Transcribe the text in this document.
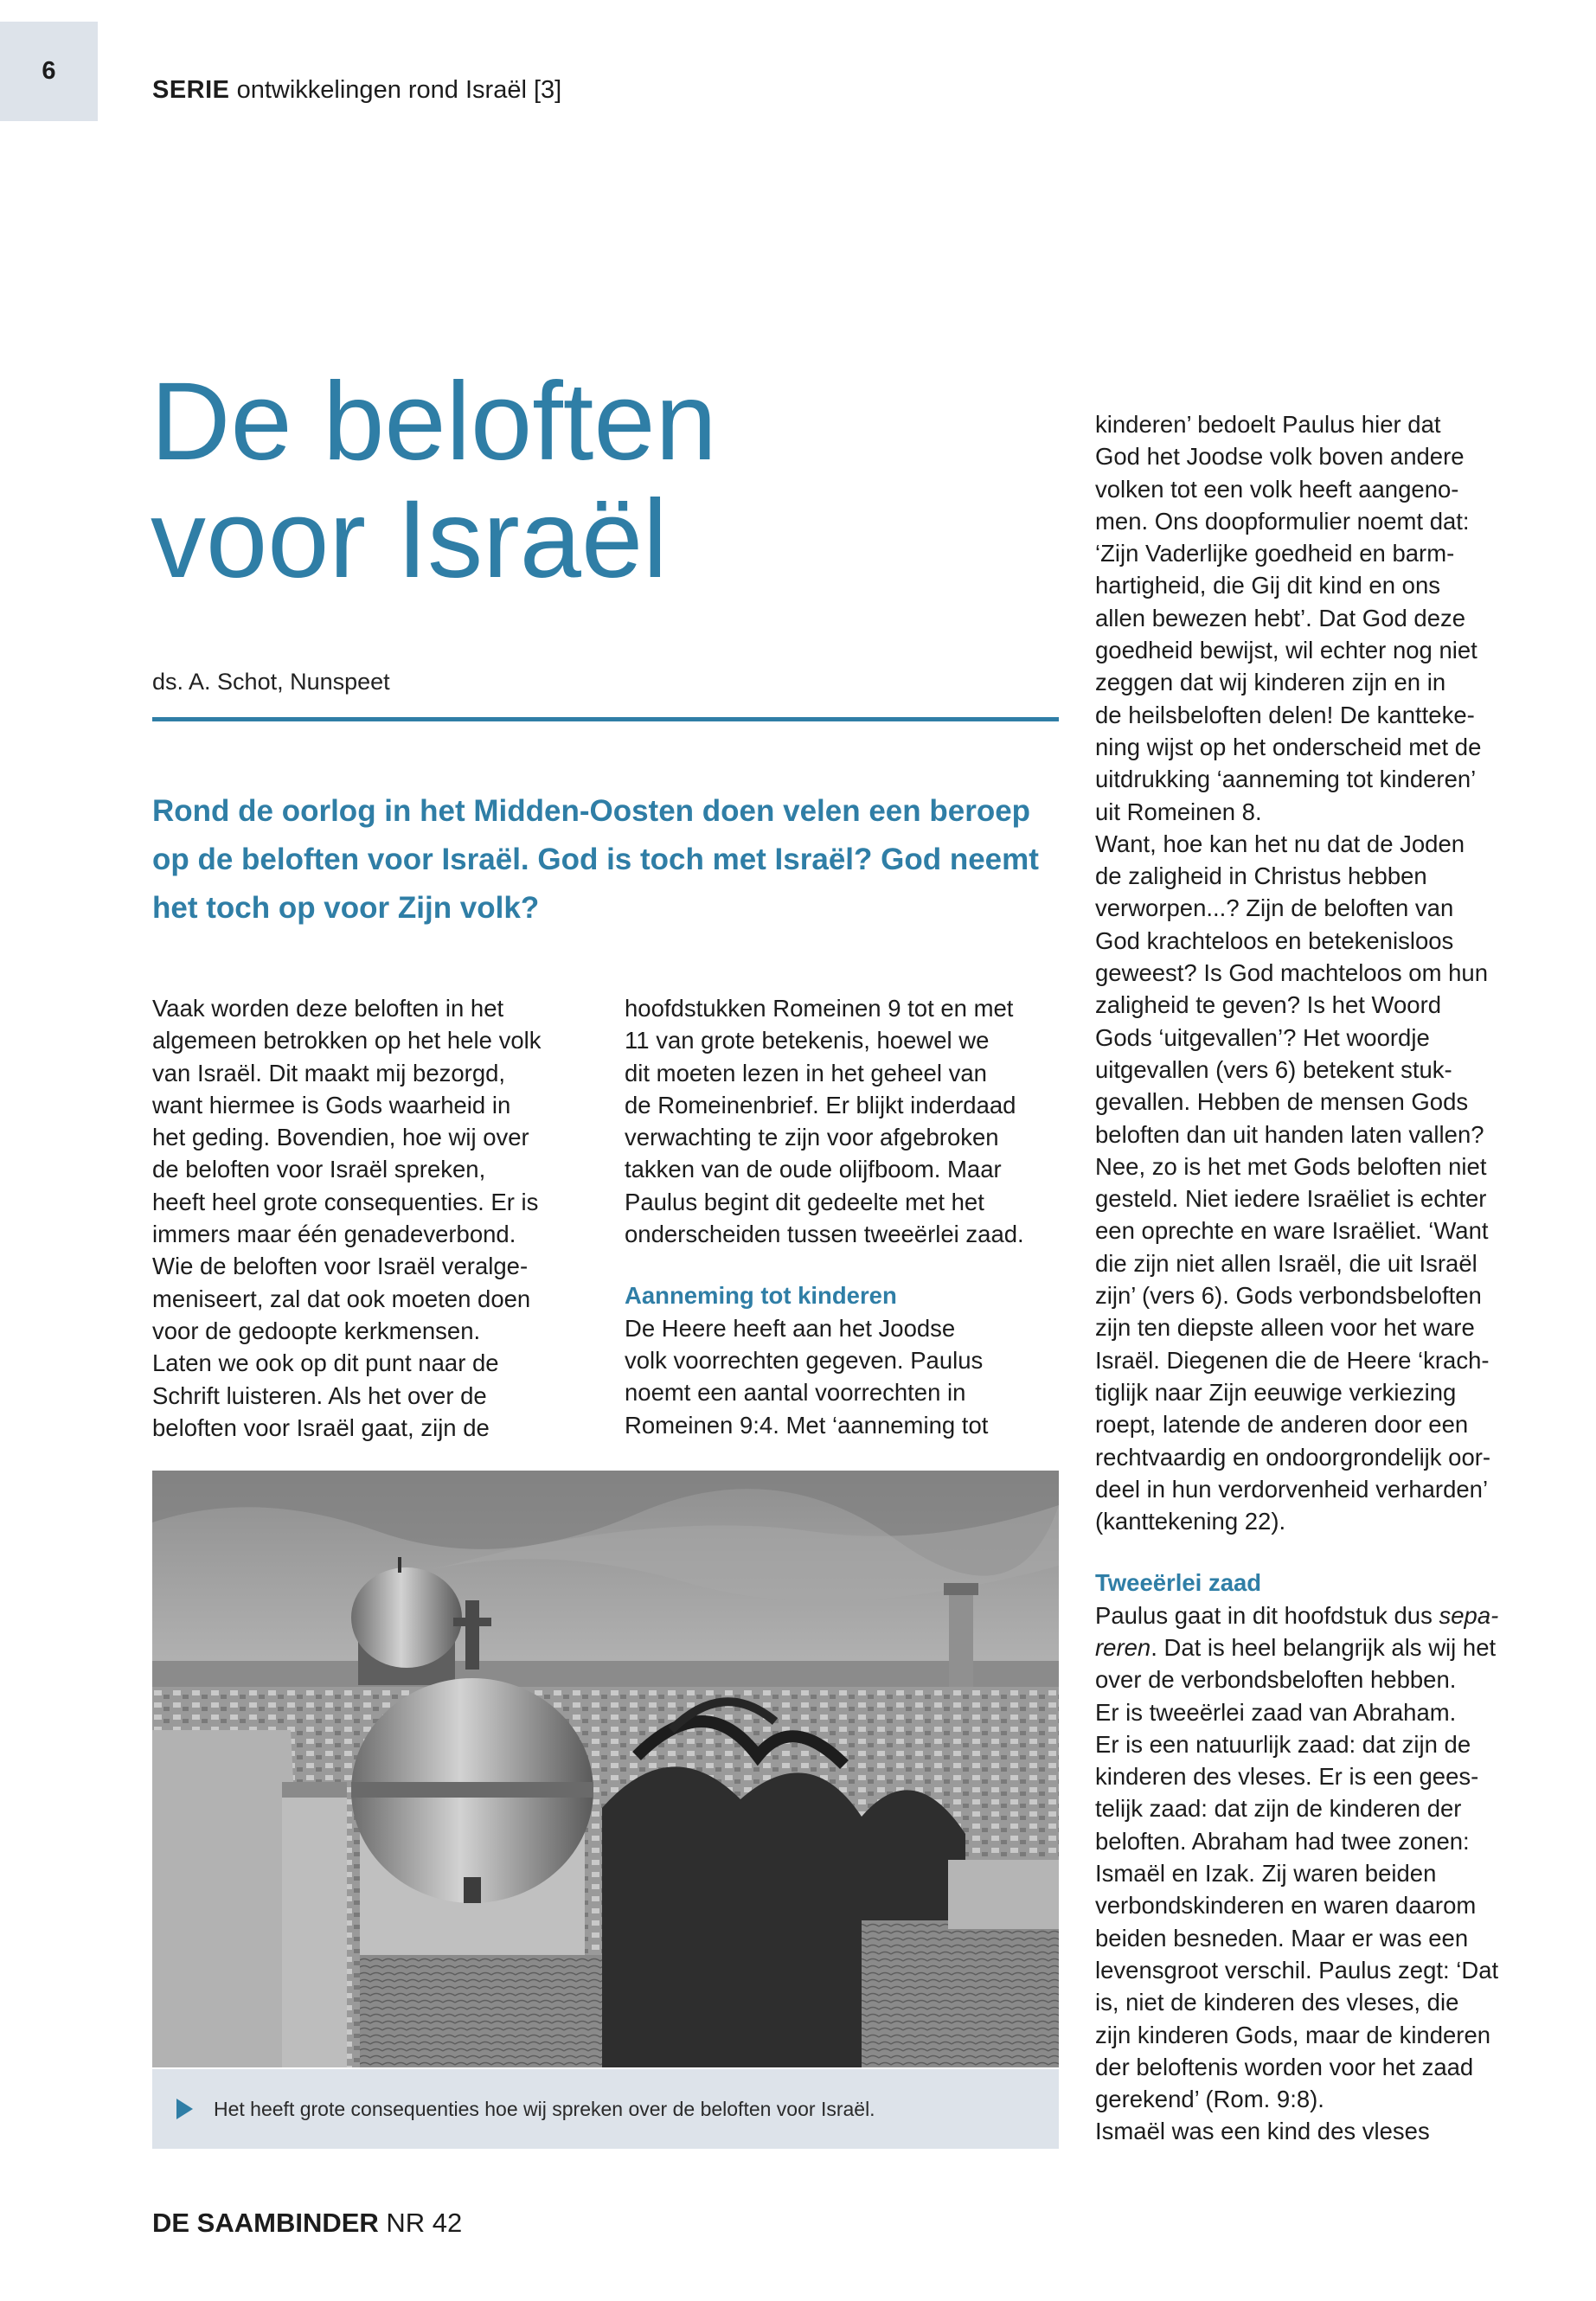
6
SERIE ontwikkelingen rond Israël [3]
De beloften
voor Israël
ds. A. Schot, Nunspeet
Rond de oorlog in het Midden-Oosten doen velen een beroep op de beloften voor Israël. God is toch met Israël? God neemt het toch op voor Zijn volk?

Vaak worden deze beloften in het

algemeen betrokken op het hele volk

van Israël. Dit maakt mij bezorgd,

want hiermee is Gods waarheid in

het geding. Bovendien, hoe wij over

de beloften voor Israël spreken,

heeft heel grote consequenties. Er is

immers maar één genadeverbond.

Wie de beloften voor Israël veralge-

meniseert, zal dat ook moeten doen

voor de gedoopte kerkmensen.

Laten we ook op dit punt naar de

Schrift luisteren. Als het over de

beloften voor Israël gaat, zijn de

hoofdstukken Romeinen 9 tot en met

11 van grote betekenis, hoewel we

dit moeten lezen in het geheel van

de Romeinenbrief. Er blijkt inderdaad

verwachting te zijn voor afgebroken

takken van de oude olijfboom. Maar

Paulus begint dit gedeelte met het

onderscheiden tussen tweeërlei zaad.

Aanneming tot kinderen

De Heere heeft aan het Joodse

volk voorrechten gegeven. Paulus

noemt een aantal voorrechten in

Romeinen 9:4. Met ‘aanneming tot

kinderen’ bedoelt Paulus hier dat

God het Joodse volk boven andere

volken tot een volk heeft aangeno-

men. Ons doopformulier noemt dat:

‘Zijn Vaderlijke goedheid en barm-

hartigheid, die Gij dit kind en ons

allen bewezen hebt’. Dat God deze

goedheid bewijst, wil echter nog niet

zeggen dat wij kinderen zijn en in

de heilsbeloften delen! De kantteke-

ning wijst op het onderscheid met de

uitdrukking ‘aanneming tot kinderen’

uit Romeinen 8.

Want, hoe kan het nu dat de Joden

de zaligheid in Christus hebben

verworpen...? Zijn de beloften van

God krachteloos en betekenisloos

geweest? Is God machteloos om hun

zaligheid te geven? Is het Woord

Gods ‘uitgevallen’? Het woordje

uitgevallen (vers 6) betekent stuk-

gevallen. Hebben de mensen Gods

beloften dan uit handen laten vallen?

Nee, zo is het met Gods beloften niet

gesteld. Niet iedere Israëliet is echter

een oprechte en ware Israëliet. ‘Want

die zijn niet allen Israël, die uit Israël

zijn’ (vers 6). Gods verbondsbeloften

zijn ten diepste alleen voor het ware

Israël. Diegenen die de Heere ‘krach-

tiglijk naar Zijn eeuwige verkiezing

roept, latende de anderen door een

rechtvaardig en ondoorgrondelijk oor-

deel in hun verdorvenheid verharden’

(kanttekening 22).

Tweeërlei zaad

Paulus gaat in dit hoofdstuk dus sepa-

reren. Dat is heel belangrijk als wij het

over de verbondsbeloften hebben.

Er is tweeërlei zaad van Abraham.

Er is een natuurlijk zaad: dat zijn de

kinderen des vleses. Er is een gees-

telijk zaad: dat zijn de kinderen der

beloften. Abraham had twee zonen:

Ismaël en Izak. Zij waren beiden

verbondskinderen en waren daarom

beiden besneden. Maar er was een

levensgroot verschil. Paulus zegt: ‘Dat

is, niet de kinderen des vleses, die

zijn kinderen Gods, maar de kinderen

der beloftenis worden voor het zaad

gerekend’ (Rom. 9:8).

Ismaël was een kind des vleses

Het heeft grote consequenties hoe wij spreken over de beloften voor Israël.
DE SAAMBINDER NR 42
